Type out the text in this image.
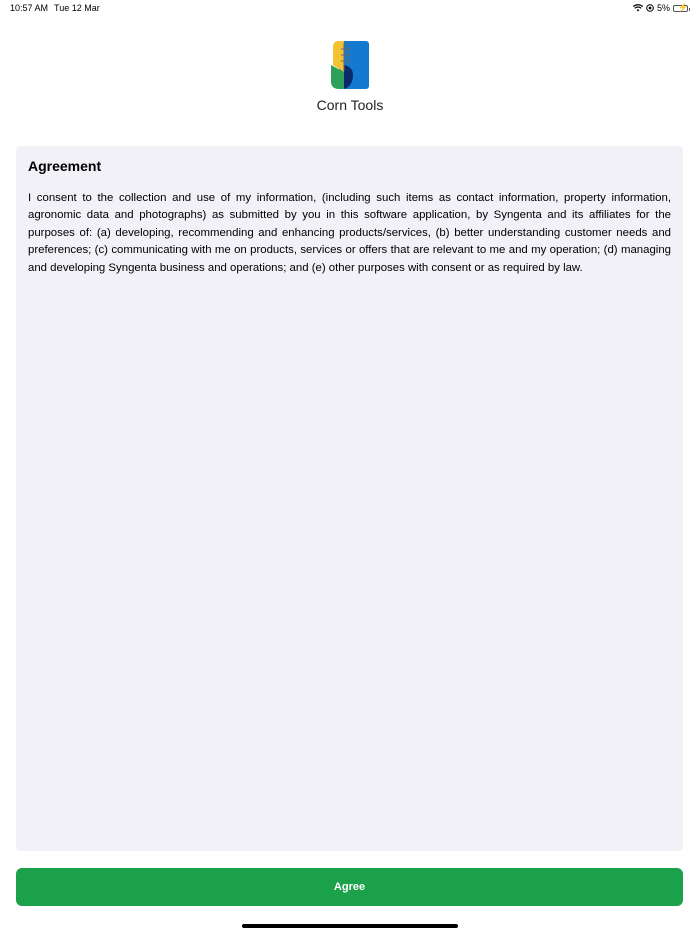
10:57 AM Tue 12 Mar	5% ⚡
Corn Tools
Agreement

I consent to the collection and use of my information, (including such items as contact information, property information, agronomic data and photographs) as submitted by you in this software application, by Syngenta and its affiliates for the purposes of: (a) developing, recommending and enhancing products/services, (b) better understanding customer needs and preferences; (c) communicating with me on products, services or offers that are relevant to me and my operation; (d) managing and developing Syngenta business and operations; and (e) other purposes with consent or as required by law.

Agree
